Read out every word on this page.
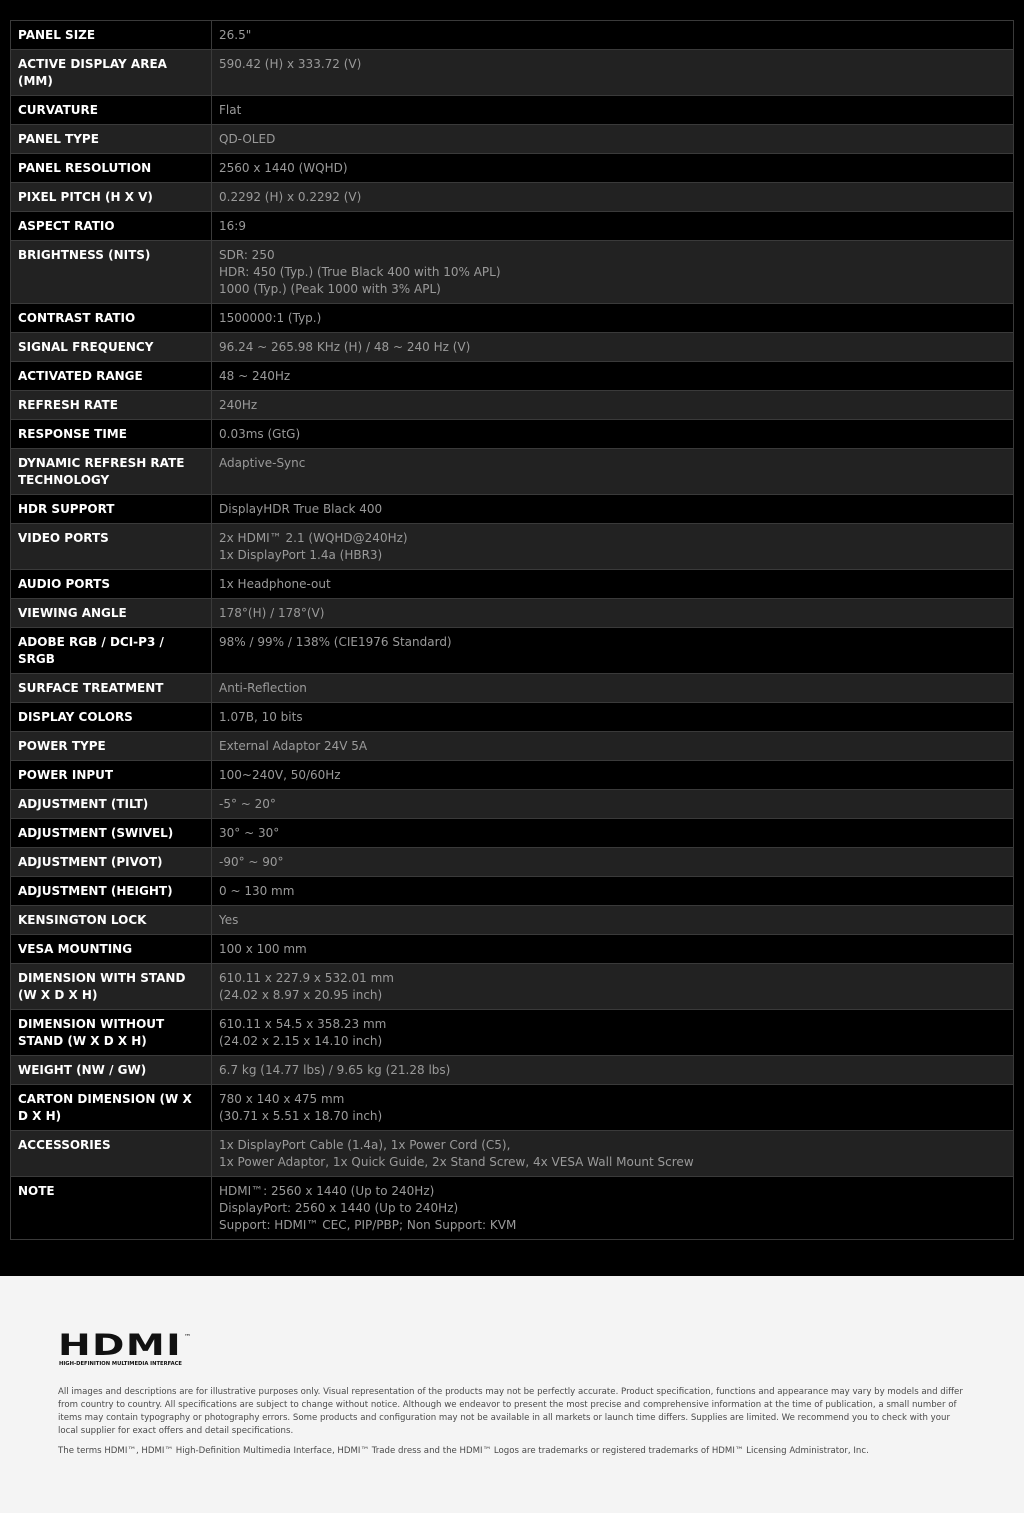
PANEL SIZE	26.5"

ACTIVE DISPLAY AREA (MM)	590.42 (H) x 333.72 (V)

CURVATURE	Flat

PANEL TYPE	QD-OLED

PANEL RESOLUTION	2560 x 1440 (WQHD)

PIXEL PITCH (H X V)	0.2292 (H) x 0.2292 (V)

ASPECT RATIO	16:9

BRIGHTNESS (NITS)	SDR: 250
HDR: 450 (Typ.) (True Black 400 with 10% APL)
1000 (Typ.) (Peak 1000 with 3% APL)

CONTRAST RATIO	1500000:1 (Typ.)

SIGNAL FREQUENCY	96.24 ~ 265.98 KHz (H) / 48 ~ 240 Hz (V)

ACTIVATED RANGE	48 ~ 240Hz

REFRESH RATE	240Hz

RESPONSE TIME	0.03ms (GtG)

DYNAMIC REFRESH RATE TECHNOLOGY	Adaptive-Sync

HDR SUPPORT	DisplayHDR True Black 400

VIDEO PORTS	2x HDMI™ 2.1 (WQHD@240Hz)
1x DisplayPort 1.4a (HBR3)

AUDIO PORTS	1x Headphone-out

VIEWING ANGLE	178°(H) / 178°(V)

ADOBE RGB / DCI-P3 / SRGB	98% / 99% / 138% (CIE1976 Standard)

SURFACE TREATMENT	Anti-Reflection

DISPLAY COLORS	1.07B, 10 bits

POWER TYPE	External Adaptor 24V 5A

POWER INPUT	100~240V, 50/60Hz

ADJUSTMENT (TILT)	-5° ~ 20°

ADJUSTMENT (SWIVEL)	30° ~ 30°

ADJUSTMENT (PIVOT)	-90° ~ 90°

ADJUSTMENT (HEIGHT)	0 ~ 130 mm

KENSINGTON LOCK	Yes

VESA MOUNTING	100 x 100 mm

DIMENSION WITH STAND (W X D X H)	610.11 x 227.9 x 532.01 mm
(24.02 x 8.97 x 20.95 inch)

DIMENSION WITHOUT STAND (W X D X H)	610.11 x 54.5 x 358.23 mm
(24.02 x 2.15 x 14.10 inch)

WEIGHT (NW / GW)	6.7 kg (14.77 lbs) / 9.65 kg (21.28 lbs)

CARTON DIMENSION (W X D X H)	780 x 140 x 475 mm
(30.71 x 5.51 x 18.70 inch)

ACCESSORIES	1x DisplayPort Cable (1.4a), 1x Power Cord (C5),
1x Power Adaptor, 1x Quick Guide, 2x Stand Screw, 4x VESA Wall Mount Screw

NOTE	HDMI™: 2560 x 1440 (Up to 240Hz)
DisplayPort: 2560 x 1440 (Up to 240Hz)
Support: HDMI™ CEC, PIP/PBP; Non Support: KVM
HDMI ™
HIGH-DEFINITION MULTIMEDIA INTERFACE

All images and descriptions are for illustrative purposes only. Visual representation of the products may not be perfectly accurate. Product specification, functions and appearance may vary by models and differ from country to country. All specifications are subject to change without notice. Although we endeavor to present the most precise and comprehensive information at the time of publication, a small number of items may contain typography or photography errors. Some products and configuration may not be available in all markets or launch time differs. Supplies are limited. We recommend you to check with your local supplier for exact offers and detail specifications.

The terms HDMI™, HDMI™ High-Definition Multimedia Interface, HDMI™ Trade dress and the HDMI™ Logos are trademarks or registered trademarks of HDMI™ Licensing Administrator, Inc.
